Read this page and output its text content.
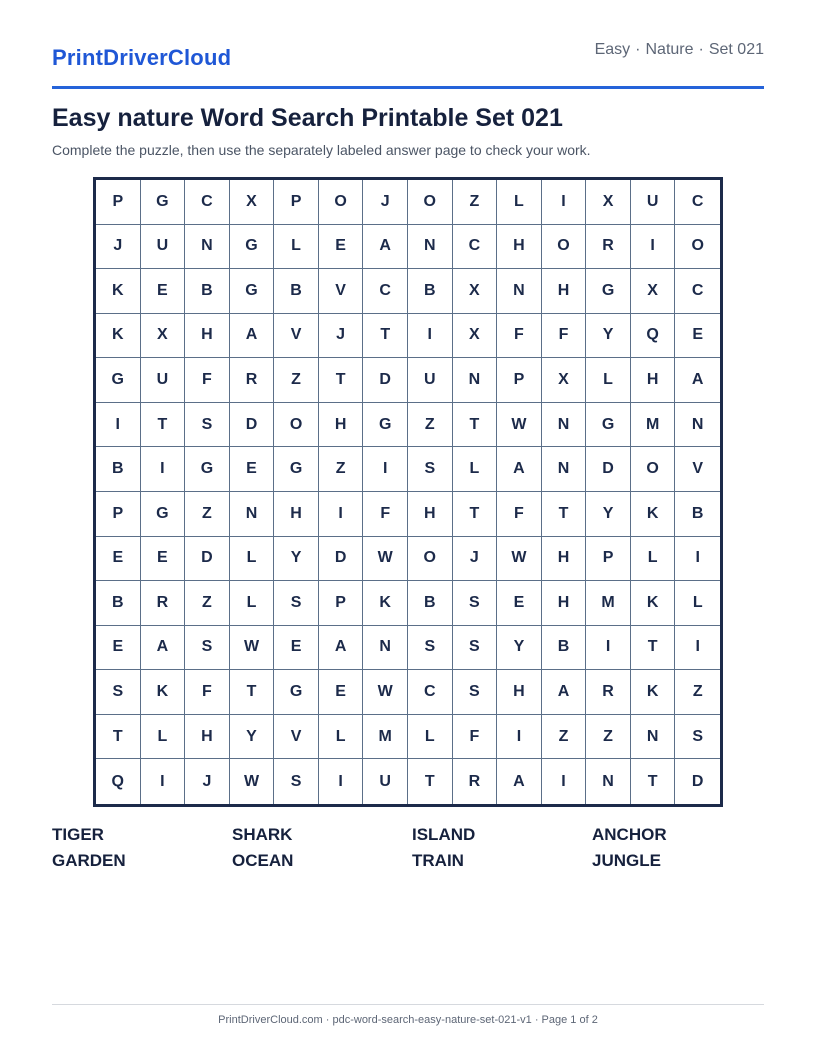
PrintDriverCloud	Easy · Nature · Set 021
Easy nature Word Search Printable Set 021

Complete the puzzle, then use the separately labeled answer page to check your work.

P	G	C	X	P	O	J	O	Z	L	I	X	U	C
J	U	N	G	L	E	A	N	C	H	O	R	I	O
K	E	B	G	B	V	C	B	X	N	H	G	X	C
K	X	H	A	V	J	T	I	X	F	F	Y	Q	E
G	U	F	R	Z	T	D	U	N	P	X	L	H	A
I	T	S	D	O	H	G	Z	T	W	N	G	M	N
B	I	G	E	G	Z	I	S	L	A	N	D	O	V
P	G	Z	N	H	I	F	H	T	F	T	Y	K	B
E	E	D	L	Y	D	W	O	J	W	H	P	L	I
B	R	Z	L	S	P	K	B	S	E	H	M	K	L
E	A	S	W	E	A	N	S	S	Y	B	I	T	I
S	K	F	T	G	E	W	C	S	H	A	R	K	Z
T	L	H	Y	V	L	M	L	F	I	Z	Z	N	S
Q	I	J	W	S	I	U	T	R	A	I	N	T	D
TIGER	SHARK	ISLAND	ANCHOR
GARDEN	OCEAN	TRAIN	JUNGLE
PrintDriverCloud.com · pdc-word-search-easy-nature-set-021-v1 · Page 1 of 2
